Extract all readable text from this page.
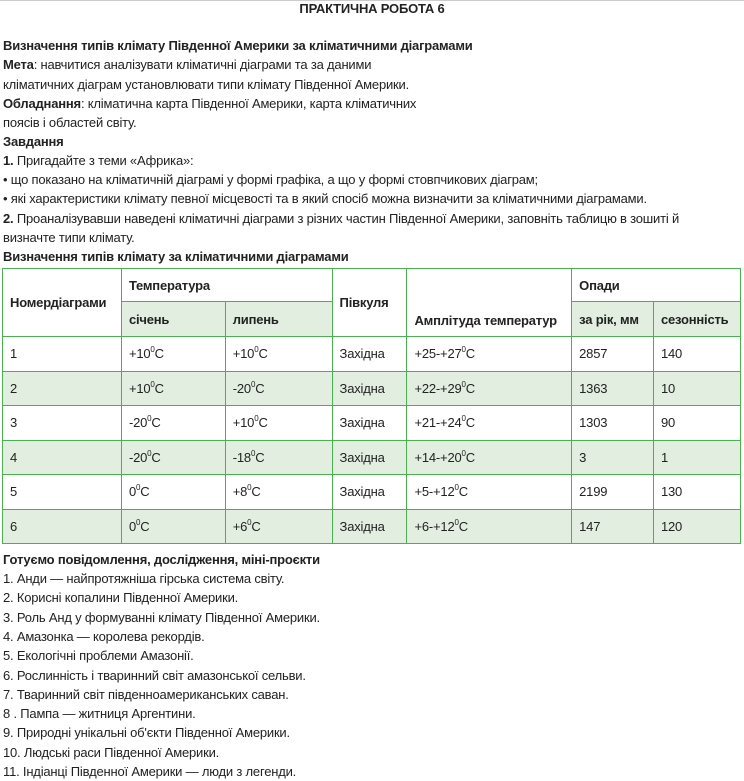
ПРАКТИЧНА РОБОТА 6
Визначення типів клімату Південної Америки за кліматичними діаграмами
Мета: навчитися аналізувати кліматичні діаграми та за даними
кліматичних діаграм установлювати типи клімату Південної Америки.
Обладнання: кліматична карта Південної Америки, карта кліматичних
поясів і областей світу.
Завдання
1. Пригадайте з теми «Африка»:
• що показано на кліматичній діаграмі у формі графіка, а що у формі стовпчикових діаграм;
• які характеристики клімату певної місцевості та в який спосіб можна визначити за кліматичними діаграмами.
2. Проаналізувавши наведені кліматичні діаграми з різних частин Південної Америки, заповніть таблицю в зошиті й
визначте типи клімату.
Визначення типів клімату за кліматичними діаграмами
Номердіаграми	Температура		Півкуля	Амплітуда температур	Опади	
	січень	липень			за рік, мм	сезонність
1	$+10^0C$	$+10^0C$	Західна	$+25-+27^0C$	2857	140
2	$+10^0C$	$-20^0C$	Західна	$+22-+29^0C$	1363	10
3	$-20^0C$	$+10^0C$	Західна	$+21-+24^0C$	1303	90
4	$-20^0C$	$-18^0C$	Західна	$+14-+20^0C$	3	1
5	$0^0C$	$+8^0C$	Західна	$+5-+12^0C$	2199	130
6	$0^0C$	$+6^0C$	Західна	$+6-+12^0C$	147	120
Готуємо повідомлення, дослідження, міні-проєкти
1. Анди — найпротяжніша гірська система світу.
2. Корисні копалини Південної Америки.
3. Роль Анд у формуванні клімату Південної Америки.
4. Амазонка — королева рекордів.
5. Екологічні проблеми Амазонії.
6. Рослинність і тваринний світ амазонської сельви.
7. Тваринний світ південноамериканських саван.
8 . Пампа — житниця Аргентини.
9. Природні унікальні об'єкти Південної Америки.
10. Людські раси Південної Америки.
11. Індіанці Південної Америки — люди з легенди.
